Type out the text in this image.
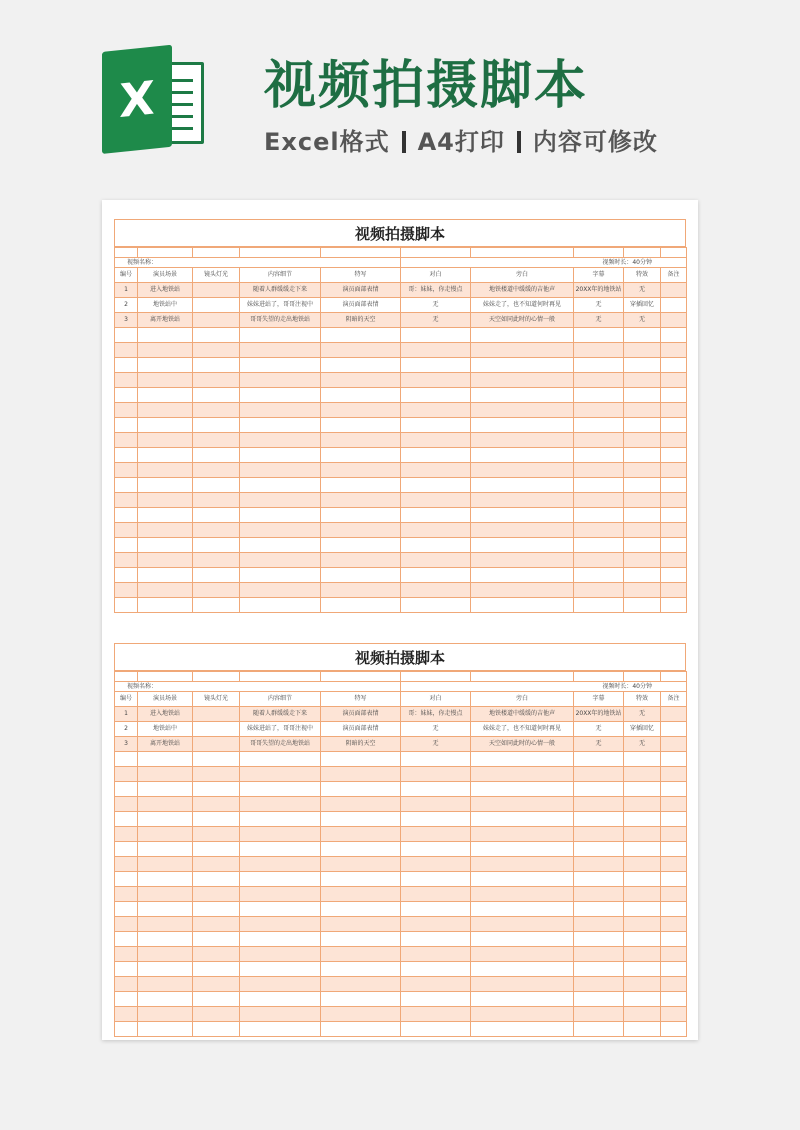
X	视频拍摄脚本
Excel格式 A4打印 内容可修改
视频拍摄脚本

视频名称：					视频时长：40分钟				
编号	演员场景	镜头灯光	内容细节	特写	对白	旁白	字幕	特效	备注
1	进入地铁站		随着人群缓缓走下来	演员面部表情	哥：妹妹，你走慢点	地铁楼道中缓缓的吉他声	20XX年的地铁站	无	
2	地铁站中		妹妹进站了，哥哥注视中	演员面部表情	无	妹妹走了，也不知道何时再见	无	穿插回忆	
3	离开地铁站		哥哥失望的走出地铁站	阴暗的天空	无	天空如同此时的心情一般	无	无	

视频拍摄脚本

视频名称：					视频时长：40分钟				
编号	演员场景	镜头灯光	内容细节	特写	对白	旁白	字幕	特效	备注
1	进入地铁站		随着人群缓缓走下来	演员面部表情	哥：妹妹，你走慢点	地铁楼道中缓缓的吉他声	20XX年的地铁站	无	
2	地铁站中		妹妹进站了，哥哥注视中	演员面部表情	无	妹妹走了，也不知道何时再见	无	穿插回忆	
3	离开地铁站		哥哥失望的走出地铁站	阴暗的天空	无	天空如同此时的心情一般	无	无	
